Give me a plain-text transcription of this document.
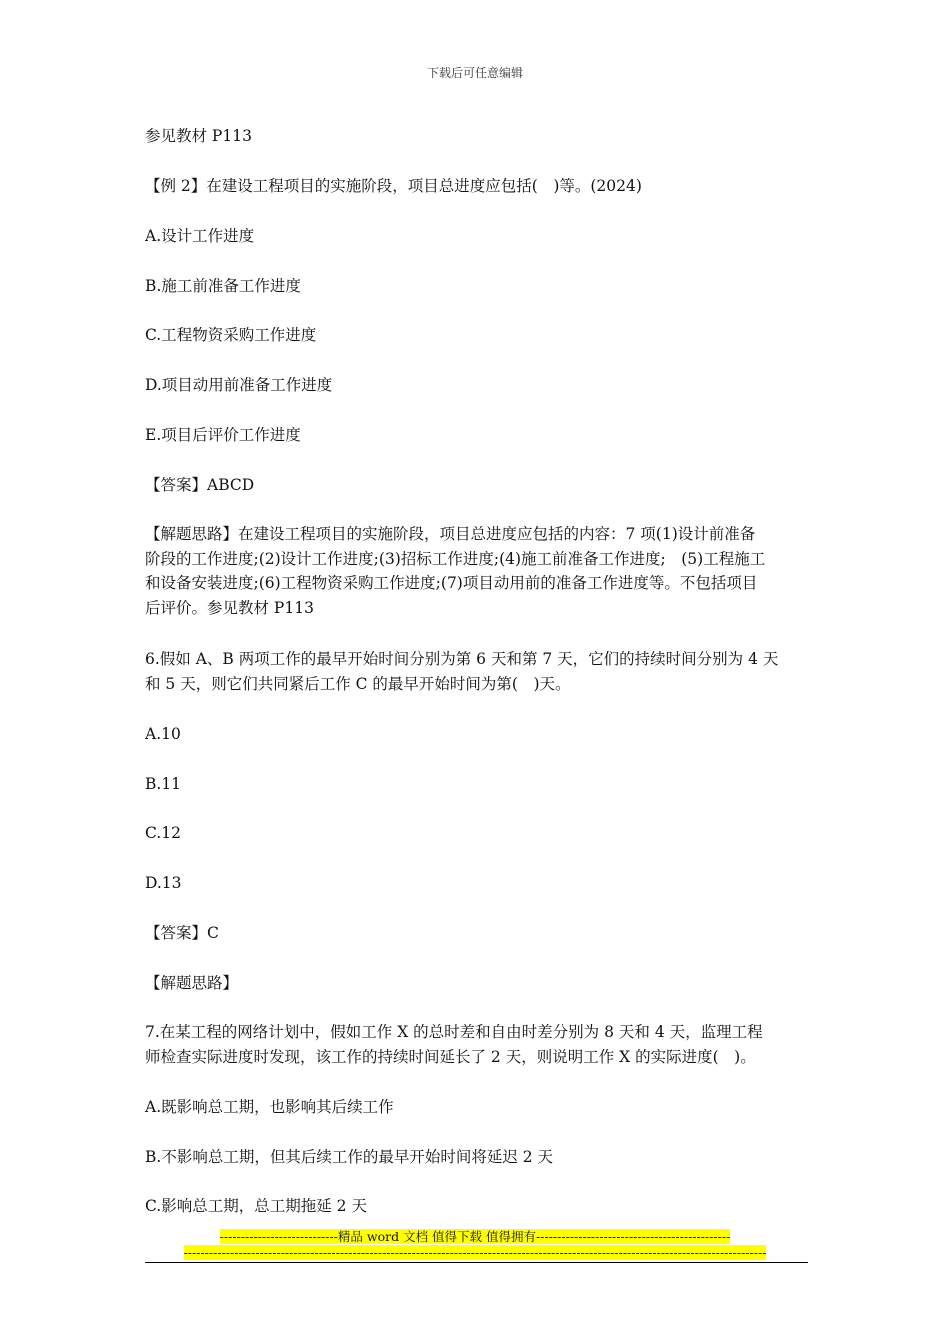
下载后可任意编辑

参见教材 P113

【例 2】在建设工程项目的实施阶段，项目总进度应包括(　)等。(2024)

A.设计工作进度

B.施工前准备工作进度

C.工程物资采购工作进度

D.项目动用前准备工作进度

E.项目后评价工作进度

【答案】ABCD

【解题思路】在建设工程项目的实施阶段，项目总进度应包括的内容：7 项(1)设计前准备
阶段的工作进度;(2)设计工作进度;(3)招标工作进度;(4)施工前准备工作进度;　(5)工程施工
和设备安装进度;(6)工程物资采购工作进度;(7)项目动用前的准备工作进度等。不包括项目
后评价。参见教材 P113
6.假如 A、B 两项工作的最早开始时间分别为第 6 天和第 7 天，它们的持续时间分别为 4 天
和 5 天，则它们共同紧后工作 C 的最早开始时间为第(　)天。

A.10

B.11

C.12

D.13

【答案】C

【解题思路】

7.在某工程的网络计划中，假如工作 X 的总时差和自由时差分别为 8 天和 4 天，监理工程
师检查实际进度时发现，该工作的持续时间延长了 2 天，则说明工作 X 的实际进度(　)。

A.既影响总工期，也影响其后续工作

B.不影响总工期，但其后续工作的最早开始时间将延迟 2 天

C.影响总工期，总工期拖延 2 天

----------------------------精品 word 文档 值得下载 值得拥有----------------------------------------------
------------------------------------------------------------------------------------------------------------------------------------------
